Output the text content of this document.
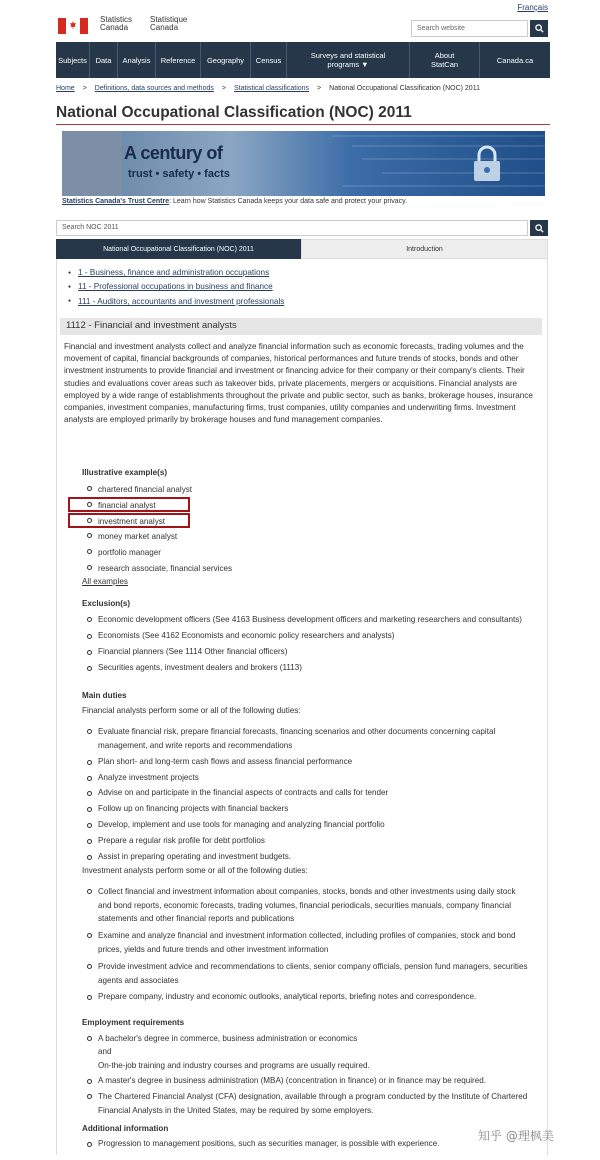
Français
Statistics
Canada
Statistique
Canada	Search website
Subjects	Data	Analysis	Reference	Geography	Census	Surveys and statistical programs ▼
About StatCan	Canada.ca
Home > Definitions, data sources and methods > Statistical classifications > National Occupational Classification (NOC) 2011
National Occupational Classification (NOC) 2011
A century of
trust • safety • facts
Statistics Canada's Trust Centre: Learn how Statistics Canada keeps your data safe and protect your privacy.
Search NOC 2011
National Occupational Classification (NOC) 2011	Introduction
● 1 - Business, finance and administration occupations
● 11 - Professional occupations in business and finance
● 111 - Auditors, accountants and investment professionals
1112 - Financial and investment analysts
Financial and investment analysts collect and analyze financial information such as economic forecasts, trading volumes and the movement of capital, financial backgrounds of companies, historical performances and future trends of stocks, bonds and other investment instruments to provide financial and investment or financing advice for their company or their company's clients. Their studies and evaluations cover areas such as takeover bids, private placements, mergers or acquisitions. Financial analysts are employed by a wide range of establishments throughout the private and public sector, such as banks, brokerage houses, insurance companies, investment companies, manufacturing firms, trust companies, utility companies and underwriting firms. Investment analysts are employed primarily by brokerage houses and fund management companies.
Illustrative example(s)
chartered financial analyst
financial analyst
investment analyst
money market analyst
portfolio manager
research associate, financial services
All examples
Exclusion(s)
Economic development officers (See 4163 Business development officers and marketing researchers and consultants)
Economists (See 4162 Economists and economic policy researchers and analysts)
Financial planners (See 1114 Other financial officers)
Securities agents, investment dealers and brokers (1113)
Main duties
Financial analysts perform some or all of the following duties:
Evaluate financial risk, prepare financial forecasts, financing scenarios and other documents concerning capital management, and write reports and recommendations
Plan short- and long-term cash flows and assess financial performance
Analyze investment projects
Advise on and participate in the financial aspects of contracts and calls for tender
Follow up on financing projects with financial backers
Develop, implement and use tools for managing and analyzing financial portfolio
Prepare a regular risk profile for debt portfolios
Assist in preparing operating and investment budgets.
Investment analysts perform some or all of the following duties:
Collect financial and investment information about companies, stocks, bonds and other investments using daily stock and bond reports, economic forecasts, trading volumes, financial periodicals, securities manuals, company financial statements and other financial reports and publications
Examine and analyze financial and investment information collected, including profiles of companies, stock and bond prices, yields and future trends and other investment information
Provide investment advice and recommendations to clients, senior company officials, pension fund managers, securities agents and associates
Prepare company, industry and economic outlooks, analytical reports, briefing notes and correspondence.
Employment requirements
A bachelor's degree in commerce, business administration or economics
and
On-the-job training and industry courses and programs are usually required.
A master's degree in business administration (MBA) (concentration in finance) or in finance may be required.
The Chartered Financial Analyst (CFA) designation, available through a program conducted by the Institute of Chartered Financial Analysts in the United States, may be required by some employers.
Additional information
Progression to management positions, such as securities manager, is possible with experience.
知乎 @理枫美
